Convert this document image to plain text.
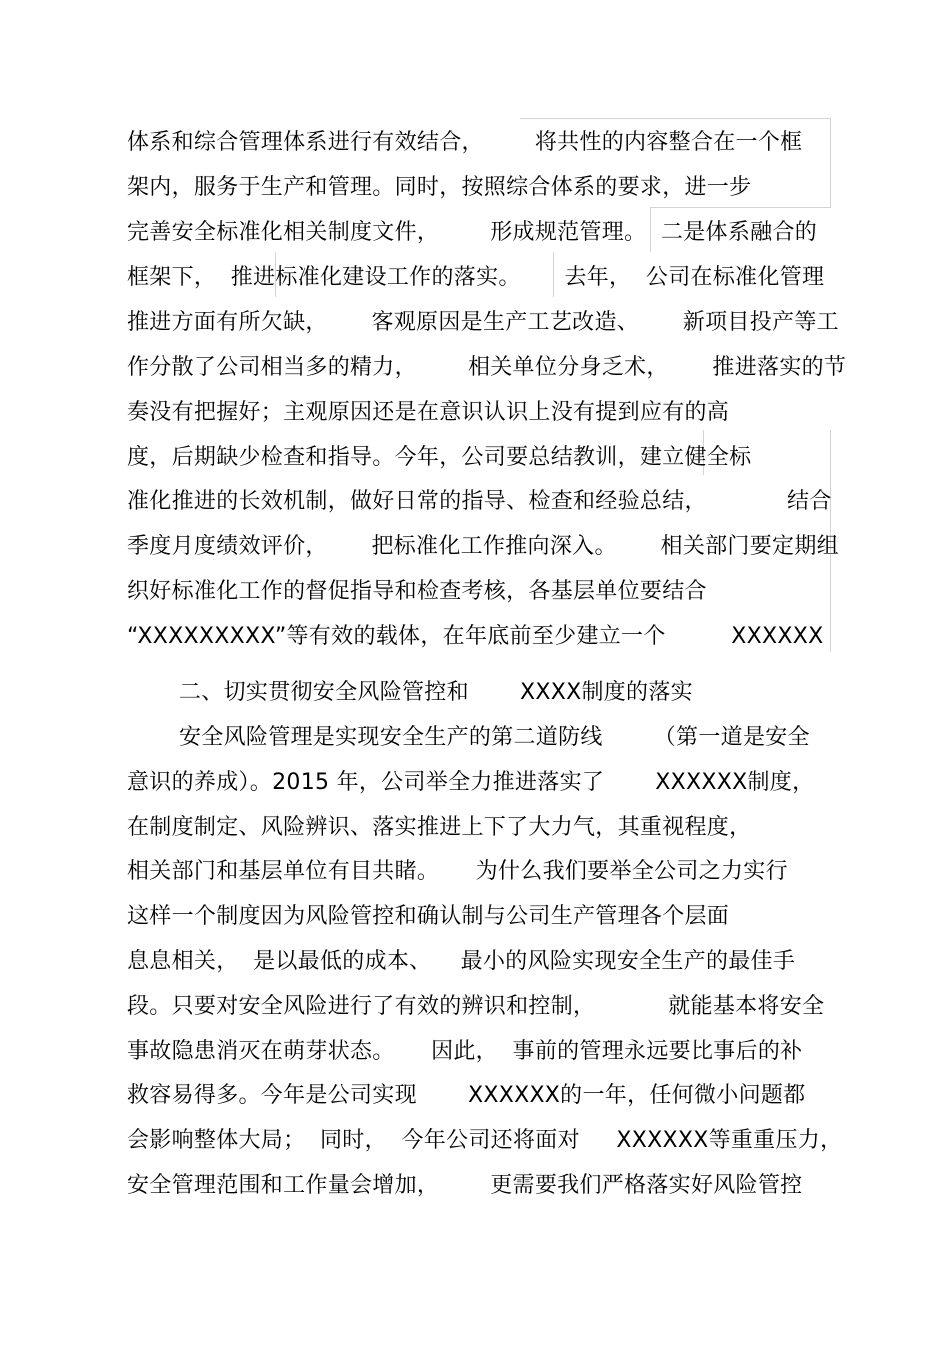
体系和综合管理体系进行有效结合，       将共性的内容整合在一个框
架内，服务于生产和管理。同时，按照综合体系的要求，进一步
完善安全标准化相关制度文件，       形成规范管理。  二是体系融合的
框架下，  推进标准化建设工作的落实。      去年，  公司在标准化管理
推进方面有所欠缺，      客观原因是生产工艺改造、      新项目投产等工
作分散了公司相当多的精力，       相关单位分身乏术，      推进落实的节
奏没有把握好；主观原因还是在意识认识上没有提到应有的高
度，后期缺少检查和指导。今年，公司要总结教训，建立健全标
准化推进的长效机制，做好日常的指导、检查和经验总结，           结合
季度月度绩效评价，      把标准化工作推向深入。      相关部门要定期组
织好标准化工作的督促指导和检查考核，各基层单位要结合
“XXXXXXXXX”等有效的载体，在年底前至少建立一个         XXXXXX
二、切实贯彻安全风险管控和       XXXX制度的落实
安全风险管理是实现安全生产的第二道防线       （第一道是安全
意识的养成）。2015 年，公司举全力推进落实了       XXXXXX制度，
在制度制定、风险辨识、落实推进上下了大力气，其重视程度，
相关部门和基层单位有目共睹。     为什么我们要举全公司之力实行
这样一个制度因为风险管控和确认制与公司生产管理各个层面
息息相关，  是以最低的成本、    最小的风险实现安全生产的最佳手
段。只要对安全风险进行了有效的辨识和控制，          就能基本将安全
事故隐患消灭在萌芽状态。     因此，  事前的管理永远要比事后的补
救容易得多。今年是公司实现       XXXXXX的一年，任何微小问题都
会影响整体大局；  同时，  今年公司还将面对     XXXXXX等重重压力，
安全管理范围和工作量会增加，       更需要我们严格落实好风险管控
